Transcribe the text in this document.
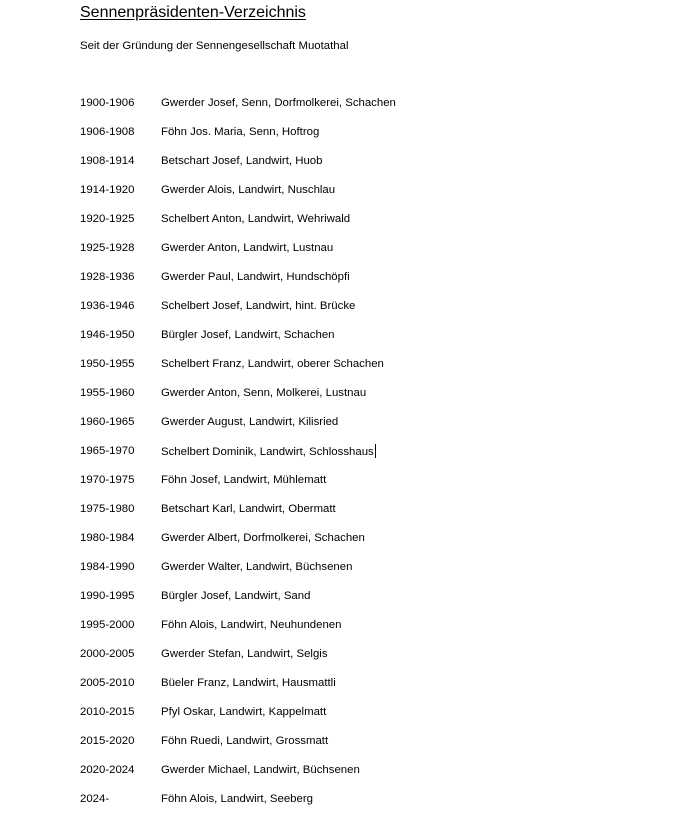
Sennenpräsidenten-Verzeichnis
Seit der Gründung der Sennengesellschaft Muotathal
1900-1906	Gwerder Josef, Senn, Dorfmolkerei, Schachen
1906-1908	Föhn Jos. Maria, Senn, Hoftrog
1908-1914	Betschart Josef, Landwirt, Huob
1914-1920	Gwerder Alois, Landwirt, Nuschlau
1920-1925	Schelbert Anton, Landwirt, Wehriwald
1925-1928	Gwerder Anton, Landwirt, Lustnau
1928-1936	Gwerder Paul, Landwirt, Hundschöpfi
1936-1946	Schelbert Josef, Landwirt, hint. Brücke
1946-1950	Bürgler Josef, Landwirt, Schachen
1950-1955	Schelbert Franz, Landwirt, oberer Schachen
1955-1960	Gwerder Anton, Senn, Molkerei, Lustnau
1960-1965	Gwerder August, Landwirt, Kilisried
1965-1970	Schelbert Dominik, Landwirt, Schlosshaus
1970-1975	Föhn Josef, Landwirt, Mühlematt
1975-1980	Betschart Karl, Landwirt, Obermatt
1980-1984	Gwerder Albert, Dorfmolkerei, Schachen
1984-1990	Gwerder Walter, Landwirt, Büchsenen
1990-1995	Bürgler Josef, Landwirt, Sand
1995-2000	Föhn Alois, Landwirt, Neuhundenen
2000-2005	Gwerder Stefan, Landwirt, Selgis
2005-2010	Büeler Franz, Landwirt, Hausmattli
2010-2015	Pfyl Oskar, Landwirt, Kappelmatt
2015-2020	Föhn Ruedi, Landwirt, Grossmatt
2020-2024	Gwerder Michael, Landwirt, Büchsenen
2024-	Föhn Alois, Landwirt, Seeberg
